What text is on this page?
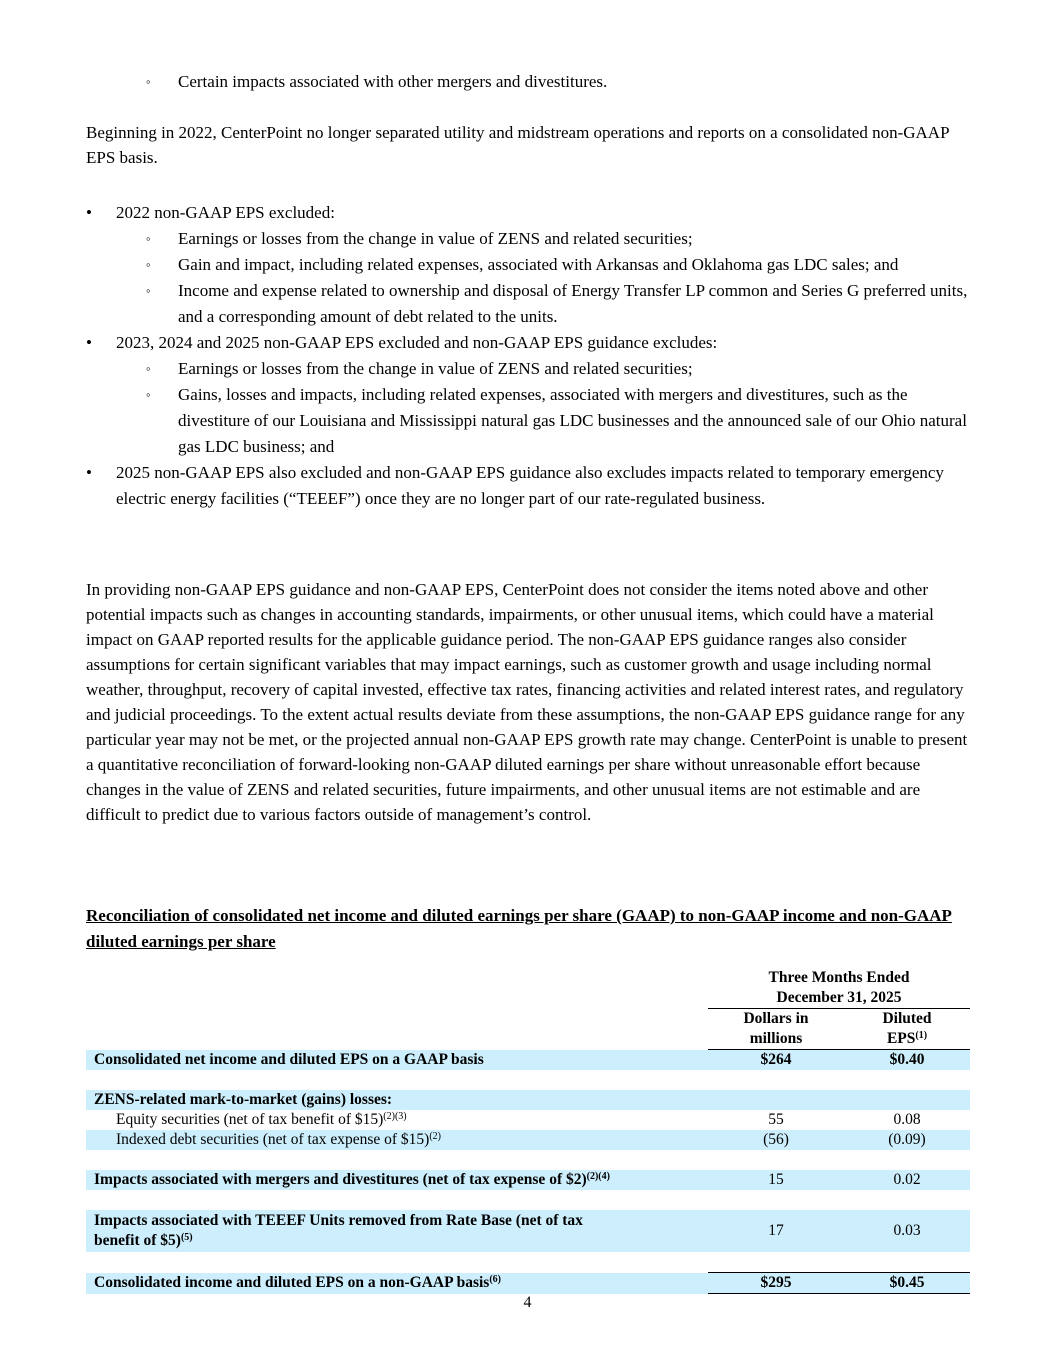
◦ Certain impacts associated with other mergers and divestitures.

Beginning in 2022, CenterPoint no longer separated utility and midstream operations and reports on a consolidated non-GAAP EPS basis.

• 2022 non-GAAP EPS excluded:
◦ Earnings or losses from the change in value of ZENS and related securities;
◦ Gain and impact, including related expenses, associated with Arkansas and Oklahoma gas LDC sales; and
◦ Income and expense related to ownership and disposal of Energy Transfer LP common and Series G preferred units, and a corresponding amount of debt related to the units.
• 2023, 2024 and 2025 non-GAAP EPS excluded and non-GAAP EPS guidance excludes:
◦ Earnings or losses from the change in value of ZENS and related securities;
◦ Gains, losses and impacts, including related expenses, associated with mergers and divestitures, such as the divestiture of our Louisiana and Mississippi natural gas LDC businesses and the announced sale of our Ohio natural gas LDC business; and
• 2025 non-GAAP EPS also excluded and non-GAAP EPS guidance also excludes impacts related to temporary emergency electric energy facilities (“TEEEF”) once they are no longer part of our rate-regulated business.

In providing non-GAAP EPS guidance and non-GAAP EPS, CenterPoint does not consider the items noted above and other potential impacts such as changes in accounting standards, impairments, or other unusual items, which could have a material impact on GAAP reported results for the applicable guidance period. The non-GAAP EPS guidance ranges also consider assumptions for certain significant variables that may impact earnings, such as customer growth and usage including normal weather, throughput, recovery of capital invested, effective tax rates, financing activities and related interest rates, and regulatory and judicial proceedings. To the extent actual results deviate from these assumptions, the non-GAAP EPS guidance range for any particular year may not be met, or the projected annual non-GAAP EPS growth rate may change. CenterPoint is unable to present a quantitative reconciliation of forward-looking non-GAAP diluted earnings per share without unreasonable effort because changes in the value of ZENS and related securities, future impairments, and other unusual items are not estimable and are difficult to predict due to various factors outside of management’s control.

Reconciliation of consolidated net income and diluted earnings per share (GAAP) to non-GAAP income and non-GAAP diluted earnings per share
	Three Months Ended
December 31, 2025	
	Dollars in
millions	Diluted
EPS$^{(1)}$
Consolidated net income and diluted EPS on a GAAP basis	$264	$0.40

ZENS-related mark-to-market (gains) losses:		
Equity securities (net of tax benefit of $15)$^{(2)(3)}$	55	0.08
Indexed debt securities (net of tax expense of $15)$^{(2)}$	(56)	(0.09)

Impacts associated with mergers and divestitures (net of tax expense of $2)$^{(2)(4)}$	15	0.02

Impacts associated with TEEEF Units removed from Rate Base (net of tax
benefit of $5)$^{(5)}$	17	0.03

Consolidated income and diluted EPS on a non-GAAP basis$^{(6)}$	$295	$0.45
4
